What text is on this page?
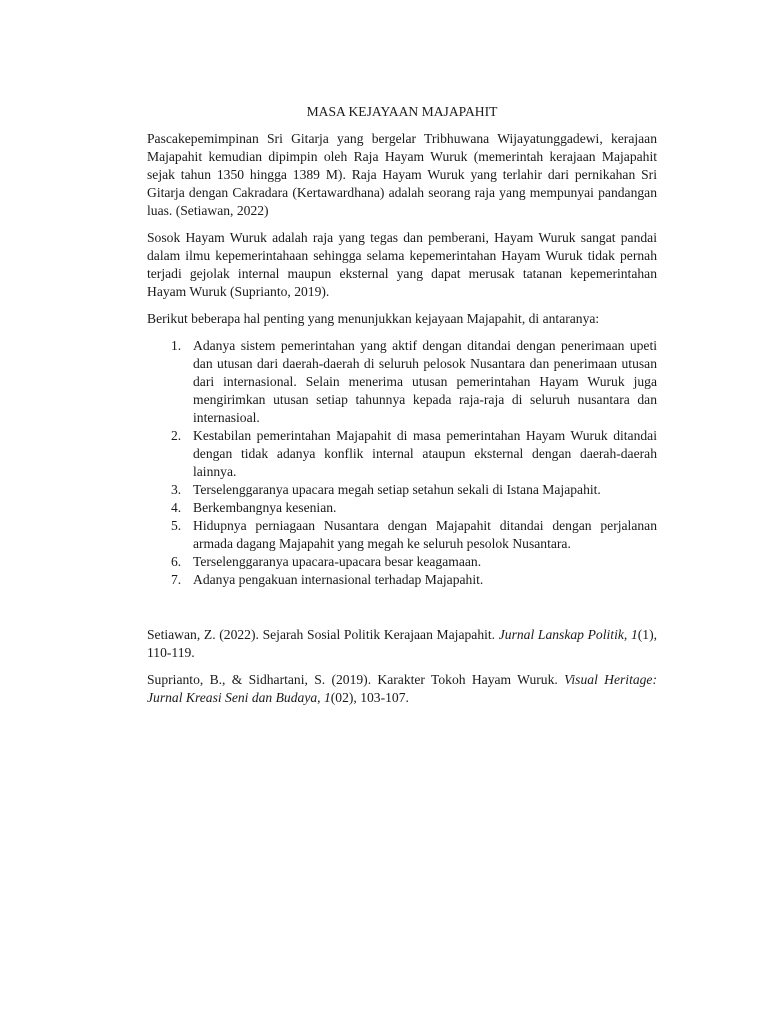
MASA KEJAYAAN MAJAPAHIT

Pascakepemimpinan Sri Gitarja yang bergelar Tribhuwana Wijayatunggadewi, kerajaan Majapahit kemudian dipimpin oleh Raja Hayam Wuruk (memerintah kerajaan Majapahit sejak tahun 1350 hingga 1389 M). Raja Hayam Wuruk yang terlahir dari pernikahan Sri Gitarja dengan Cakradara (Kertawardhana) adalah seorang raja yang mempunyai pandangan luas. (Setiawan, 2022)

Sosok Hayam Wuruk adalah raja yang tegas dan pemberani, Hayam Wuruk sangat pandai dalam ilmu kepemerintahaan sehingga selama kepemerintahan Hayam Wuruk tidak pernah terjadi gejolak internal maupun eksternal yang dapat merusak tatanan kepemerintahan Hayam Wuruk (Suprianto, 2019).

Berikut beberapa hal penting yang menunjukkan kejayaan Majapahit, di antaranya:

1. Adanya sistem pemerintahan yang aktif dengan ditandai dengan penerimaan upeti dan utusan dari daerah-daerah di seluruh pelosok Nusantara dan penerimaan utusan dari internasional. Selain menerima utusan pemerintahan Hayam Wuruk juga mengirimkan utusan setiap tahunnya kepada raja-raja di seluruh nusantara dan internasioal.
2. Kestabilan pemerintahan Majapahit di masa pemerintahan Hayam Wuruk ditandai dengan tidak adanya konflik internal ataupun eksternal dengan daerah-daerah lainnya.
3. Terselenggaranya upacara megah setiap setahun sekali di Istana Majapahit.
4. Berkembangnya kesenian.
5. Hidupnya perniagaan Nusantara dengan Majapahit ditandai dengan perjalanan armada dagang Majapahit yang megah ke seluruh pesolok Nusantara.
6. Terselenggaranya upacara-upacara besar keagamaan.
7. Adanya pengakuan internasional terhadap Majapahit.

Setiawan, Z. (2022). Sejarah Sosial Politik Kerajaan Majapahit. Jurnal Lanskap Politik, 1(1), 110-119.

Suprianto, B., & Sidhartani, S. (2019). Karakter Tokoh Hayam Wuruk. Visual Heritage: Jurnal Kreasi Seni dan Budaya, 1(02), 103-107.
